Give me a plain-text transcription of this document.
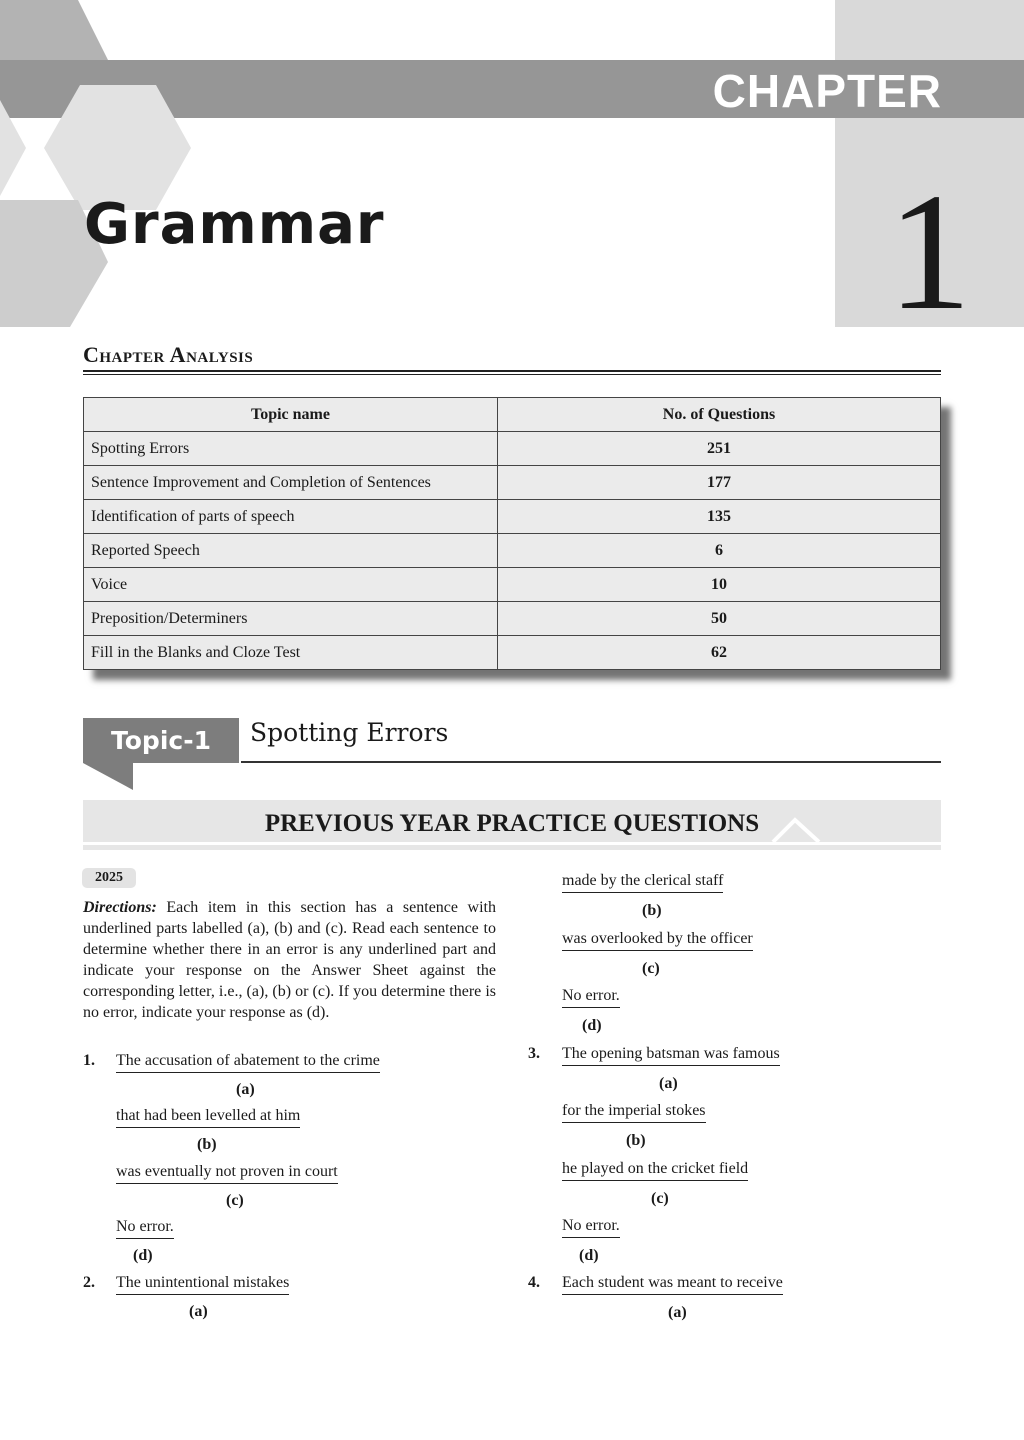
CHAPTER
1
Grammar
Chapter Analysis
Topic name	No. of Questions
Spotting Errors	251
Sentence Improvement and Completion of Sentences	177
Identification of parts of speech	135
Reported Speech	6
Voice	10
Preposition/Determiners	50
Fill in the Blanks and Cloze Test	62
Topic-1	Spotting Errors
PREVIOUS YEAR PRACTICE QUESTIONS
2025
Directions: Each item in this section has a sentence with underlined parts labelled (a), (b) and (c). Read each sentence to determine whether there in an error is any underlined part and indicate your response on the Answer Sheet against the corresponding letter, i.e., (a), (b) or (c). If you determine there is no error, indicate your response as (d).
1. The accusation of abatement to the crime
(a)
that had been levelled at him
(b)
was eventually not proven in court
(c)
No error.
(d)
2. The unintentional mistakes
(a)
made by the clerical staff
(b)
was overlooked by the officer
(c)
No error.
(d)
3. The opening batsman was famous
(a)
for the imperial stokes
(b)
he played on the cricket field
(c)
No error.
(d)
4. Each student was meant to receive
(a)
